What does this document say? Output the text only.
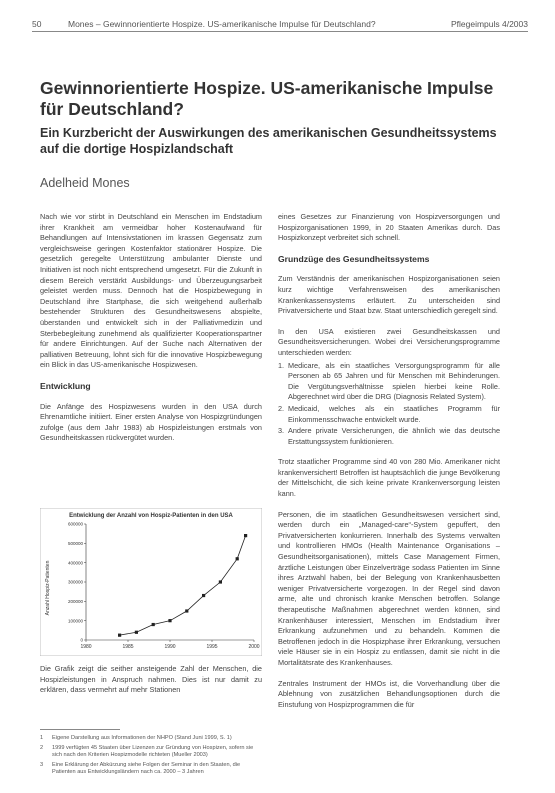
50	Mones – Gewinnorientierte Hospize. US-amerikanische Impulse für Deutschland?	Pflegeimpuls 4/2003
Gewinnorientierte Hospize. US-amerikanische Impulse für Deutschland?
Ein Kurzbericht der Auswirkungen des amerikanischen Gesundheitssystems auf die dortige Hospizlandschaft
Adelheid Mones

Nach wie vor stirbt in Deutschland ein Menschen im Endstadium ihrer Krankheit am vermeidbar hoher Kostenaufwand für Behandlungen auf Intensivstationen im krassen Gegensatz zum vergleichsweise geringen Kostenfaktor stationärer Hospize. Die gesetzlich geregelte Unterstützung ambulanter Dienste und Initiativen ist noch nicht entsprechend umgesetzt. Für die Zukunft in diesem Bereich verstärkt Ausbildungs- und Überzeugungsarbeit geleistet werden muss. Dennoch hat die Hospizbewegung in Deutschland ihre Startphase, die sich weitgehend außerhalb bestehender Strukturen des Gesundheitswesens abspielte, überstanden und entwickelt sich in der Palliativmedizin und Sterbebegleitung zunehmend als qualifizierter Kooperationspartner für andere Einrichtungen. Auf der Suche nach Alternativen der palliativen Betreuung, lohnt sich für die innovative Hospizbewegung ein Blick in das US-amerikanische Hospizwesen.

Entwicklung

Die Anfänge des Hospizwesens wurden in den USA durch Ehrenamtliche initiiert. Einer ersten Analyse von Hospizgründungen zufolge (aus dem Jahr 1983) ab Hospizleistungen erstmals von Gesundheitskassen rückvergütet wurden.

Entwicklung der Anzahl von Hospiz-Patienten in den USA
Anzahl Hospiz-Patienten
0
100000
200000
300000
400000
500000
600000
1980	1985	1990	1995	2000
Die Grafik zeigt die seither ansteigende Zahl der Menschen, die Hospizleistungen in Anspruch nahmen. Dies ist nur damit zu erklären, dass vermehrt auf mehr Stationen
1	Eigene Darstellung aus Informationen der NHPO (Stand Juni 1999, S. 1)
2	1999 verfügten 45 Staaten über Lizenzen zur Gründung von Hospizen, sofern sie sich nach den Kriterien Hospizmodelle richteten (Mueller 2003)
3	Eine Erklärung der Abkürzung siehe Folgen der Seminar in den Staaten, die Patienten aus Entwicklungsländern nach ca. 2000 – 3 Jahren

eines Gesetzes zur Finanzierung von Hospizversorgungen und Hospizorganisationen 1999, in 20 Staaten Amerikas durch. Das Hospizkonzept verbreitet sich schnell.

Grundzüge des Gesundheitssystems

Zum Verständnis der amerikanischen Hospizorganisationen seien kurz wichtige Verfahrensweisen des amerikanischen Krankenkassensystems erläutert. Zu unterscheiden sind Privatversicherte und Staat bzw. Staat unterschiedlich geregelt sind.

In den USA existieren zwei Gesundheitskassen und Gesundheitsversicherungen. Wobei drei Versicherungsprogramme unterschieden werden:

1. Medicare, als ein staatliches Versorgungsprogramm für alle Personen ab 65 Jahren und für Menschen mit Behinderungen. Die Vergütungsverhältnisse spielen hierbei keine Rolle. Abgerechnet wird über die DRG (Diagnosis Related System).
2. Medicaid, welches als ein staatliches Programm für Einkommensschwache entwickelt wurde.
3. Andere private Versicherungen, die ähnlich wie das deutsche Erstattungssystem funktionieren.

Trotz staatlicher Programme sind 40 von 280 Mio. Amerikaner nicht krankenversichert! Betroffen ist hauptsächlich die junge Bevölkerung der Mittelschicht, die sich keine private Krankenversorgung leisten kann.

Personen, die im staatlichen Gesundheitswesen versichert sind, werden durch ein „Managed-care“-System gepuffert, den Privatversicherten konkurrieren. Innerhalb des Systems verwalten und kontrollieren HMOs (Health Maintenance Organisations – Gesundheitsorganisationen), mittels Case Management Firmen, ärztliche Leistungen über Einzelverträge sodass Patienten im Sinne ihres Arztwahl haben, bei der Belegung von Krankenhausbetten weniger Privatversicherte vorgezogen. In der Regel sind davon arme, alte und chronisch kranke Menschen betroffen. Solange therapeutische Maßnahmen abgerechnet werden können, sind Krankenhäuser interessiert, Menschen im Endstadium ihrer Erkrankung aufzunehmen und zu behandeln. Kommen die Betroffenen jedoch in die Hospizphase ihrer Erkrankung, versuchen viele Häuser sie in ein Hospiz zu entlassen, damit sie nicht in die Mortalitätsrate des Krankenhauses.

Zentrales Instrument der HMOs ist, die Vorverhandlung über die Ablehnung von zusätzlichen Behandlungsoptionen durch die Einstufung von Hospizprogrammen die für
